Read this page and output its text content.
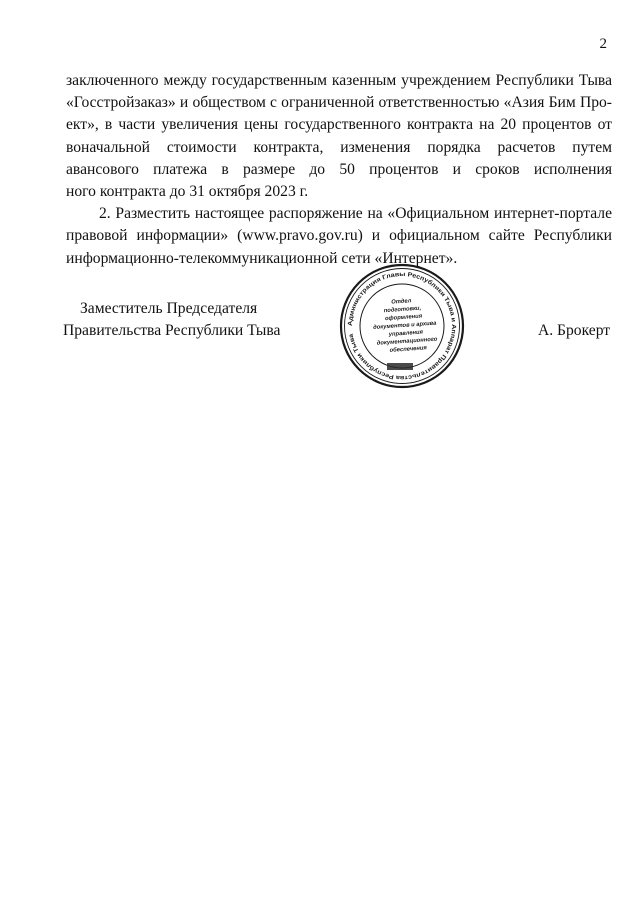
2
заключенного между государственным казенным учреждением Республики Тыва
«Госстройзаказ» и обществом с ограниченной ответственностью «Азия Бим Про-
ект», в части увеличения цены государственного контракта на 20 процентов от
воначальной стоимости контракта, изменения порядка расчетов путем
авансового платежа в размере до 50 процентов и сроков исполнения
ного контракта до 31 октября 2023 г.
2. Разместить настоящее распоряжение на «Официальном интернет-портале
правовой информации» (www.pravo.gov.ru) и официальном сайте Республики
информационно-телекоммуникационной сети «Интернет».
Заместитель Председателя
Правительства Республики Тыва	А. Брокерт
Администрация Главы Республики Тыва и Аппарат Правительства Республики Тыва
Отдел
подготовки,
оформления
документов и архива
управления
документационного
обеспечения
